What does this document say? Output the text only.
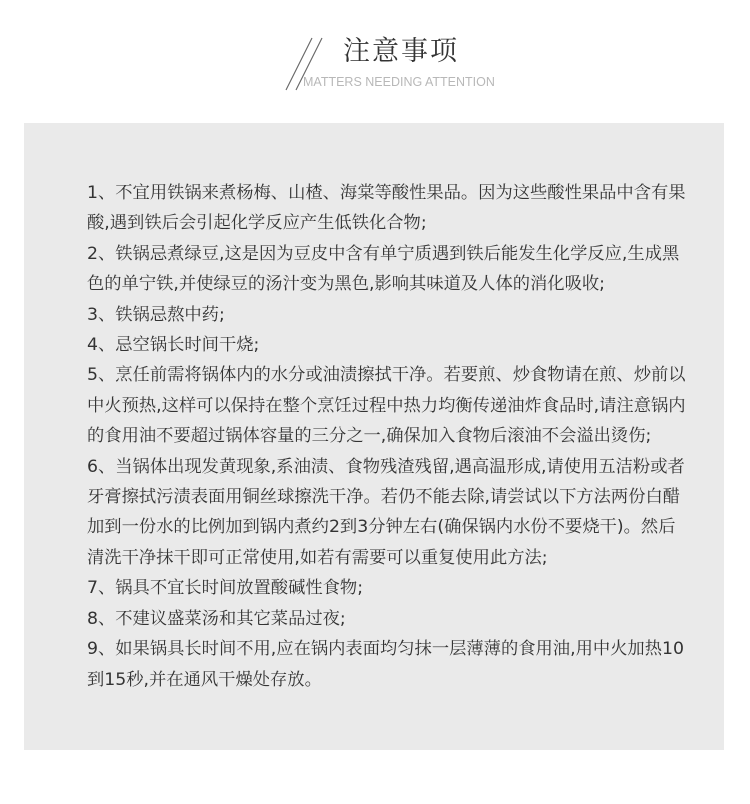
注意事项
MATTERS NEEDING ATTENTION
1、不宜用铁锅来煮杨梅、山楂、海棠等酸性果品。因为这些酸性果品中含有果酸,遇到铁后会引起化学反应产生低铁化合物;
2、铁锅忌煮绿豆,这是因为豆皮中含有单宁质遇到铁后能发生化学反应,生成黑色的单宁铁,并使绿豆的汤汁变为黑色,影响其味道及人体的消化吸收;
3、铁锅忌熬中药;
4、忌空锅长时间干烧;
5、烹任前需将锅体内的水分或油渍擦拭干净。若要煎、炒食物请在煎、炒前以中火预热,这样可以保持在整个烹饪过程中热力均衡传递油炸食品时,请注意锅内的食用油不要超过锅体容量的三分之一,确保加入食物后滚油不会溢出烫伤;
6、当锅体出现发黄现象,系油渍、食物残渣残留,遇高温形成,请使用五洁粉或者牙膏擦拭污渍表面用铜丝球擦洗干净。若仍不能去除,请尝试以下方法两份白醋加到一份水的比例加到锅内煮约2到3分钟左右(确保锅内水份不要烧干)。然后清洗干净抹干即可正常使用,如若有需要可以重复使用此方法;
7、锅具不宜长时间放置酸碱性食物;
8、不建议盛菜汤和其它菜品过夜;
9、如果锅具长时间不用,应在锅内表面均匀抹一层薄薄的食用油,用中火加热10到15秒,并在通风干燥处存放。
